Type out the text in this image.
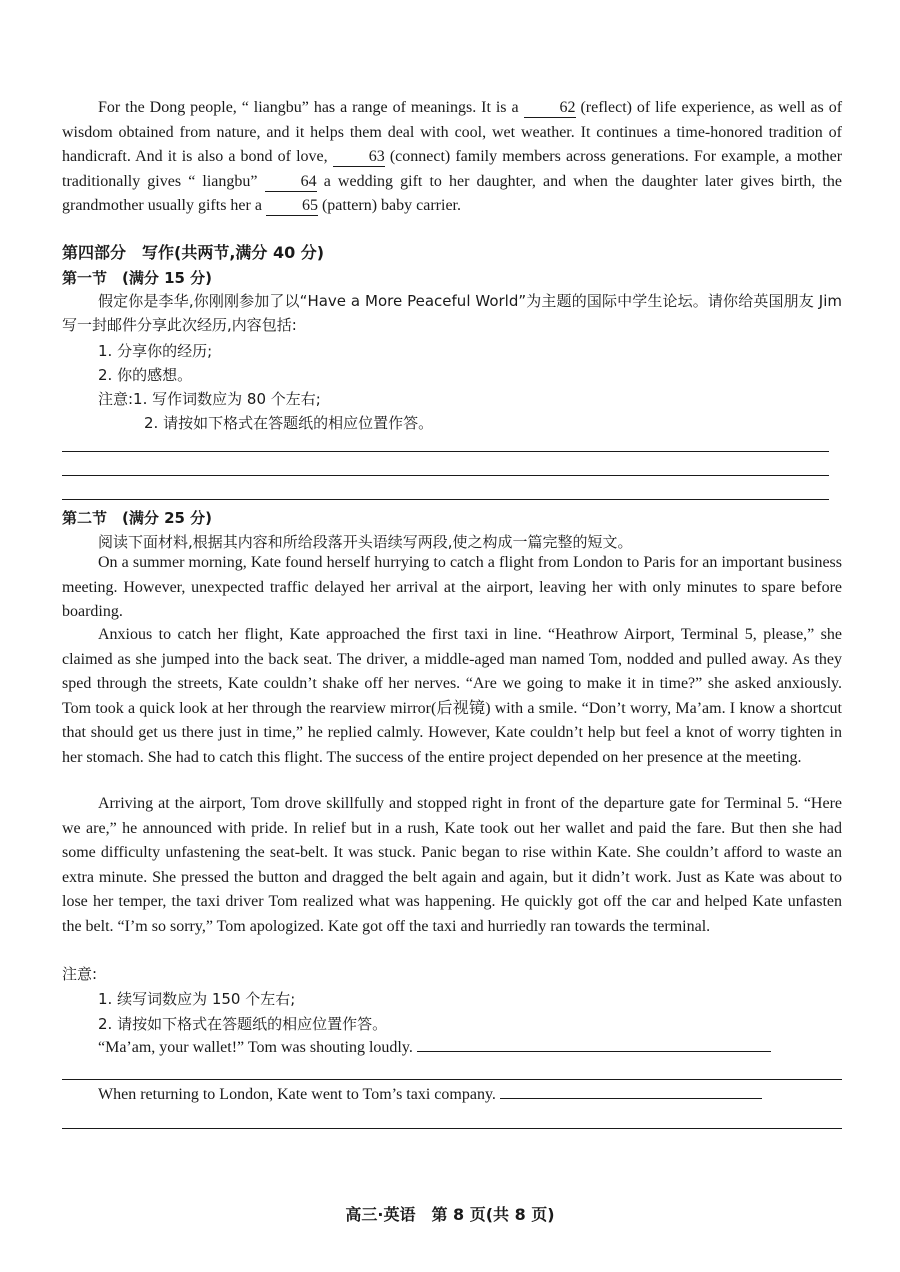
For the Dong people, “ liangbu” has a range of meanings. It is a	62 (reflect) of life experience, as well as of wisdom obtained from nature, and it helps them deal with cool, wet weather. It continues a time-honored tradition of handicraft. And it is also a bond of love,	63 (connect) family members across generations. For example, a mother traditionally gives “ liangbu”	64 a wedding gift to her daughter, and when the daughter later gives birth, the grandmother usually gifts her a	65 (pattern) baby carrier.

第四部分　写作(共两节,满分 40 分)
第一节　(满分 15 分)

假定你是李华,你刚刚参加了以“Have a More Peaceful World”为主题的国际中学生论坛。请你给英国朋友 Jim 写一封邮件分享此次经历,内容包括:

1. 分享你的经历;
2. 你的感想。
注意:1. 写作词数应为 80 个左右;
2. 请按如下格式在答题纸的相应位置作答。
第二节　(满分 25 分)
阅读下面材料,根据其内容和所给段落开头语续写两段,使之构成一篇完整的短文。

On a summer morning, Kate found herself hurrying to catch a flight from London to Paris for an important business meeting. However, unexpected traffic delayed her arrival at the airport, leaving her with only minutes to spare before boarding.

Anxious to catch her flight, Kate approached the first taxi in line. “Heathrow Airport, Terminal 5, please,” she claimed as she jumped into the back seat. The driver, a middle-aged man named Tom, nodded and pulled away. As they sped through the streets, Kate couldn’t shake off her nerves. “Are we going to make it in time?” she asked anxiously. Tom took a quick look at her through the rearview mirror(后视镜) with a smile. “Don’t worry, Ma’am. I know a shortcut that should get us there just in time,” he replied calmly. However, Kate couldn’t help but feel a knot of worry tighten in her stomach. She had to catch this flight. The success of the entire project depended on her presence at the meeting.

Arriving at the airport, Tom drove skillfully and stopped right in front of the departure gate for Terminal 5. “Here we are,” he announced with pride. In relief but in a rush, Kate took out her wallet and paid the fare. But then she had some difficulty unfastening the seat-belt. It was stuck. Panic began to rise within Kate. She couldn’t afford to waste an extra minute. She pressed the button and dragged the belt again and again, but it didn’t work. Just as Kate was about to lose her temper, the taxi driver Tom realized what was happening. He quickly got off the car and helped Kate unfasten the belt. “I’m so sorry,” Tom apologized. Kate got off the taxi and hurriedly ran towards the terminal.

注意:
1. 续写词数应为 150 个左右;
2. 请按如下格式在答题纸的相应位置作答。
“Ma’am, your wallet!” Tom was shouting loudly.
When returning to London, Kate went to Tom’s taxi company.
高三·英语　第 8 页(共 8 页)
